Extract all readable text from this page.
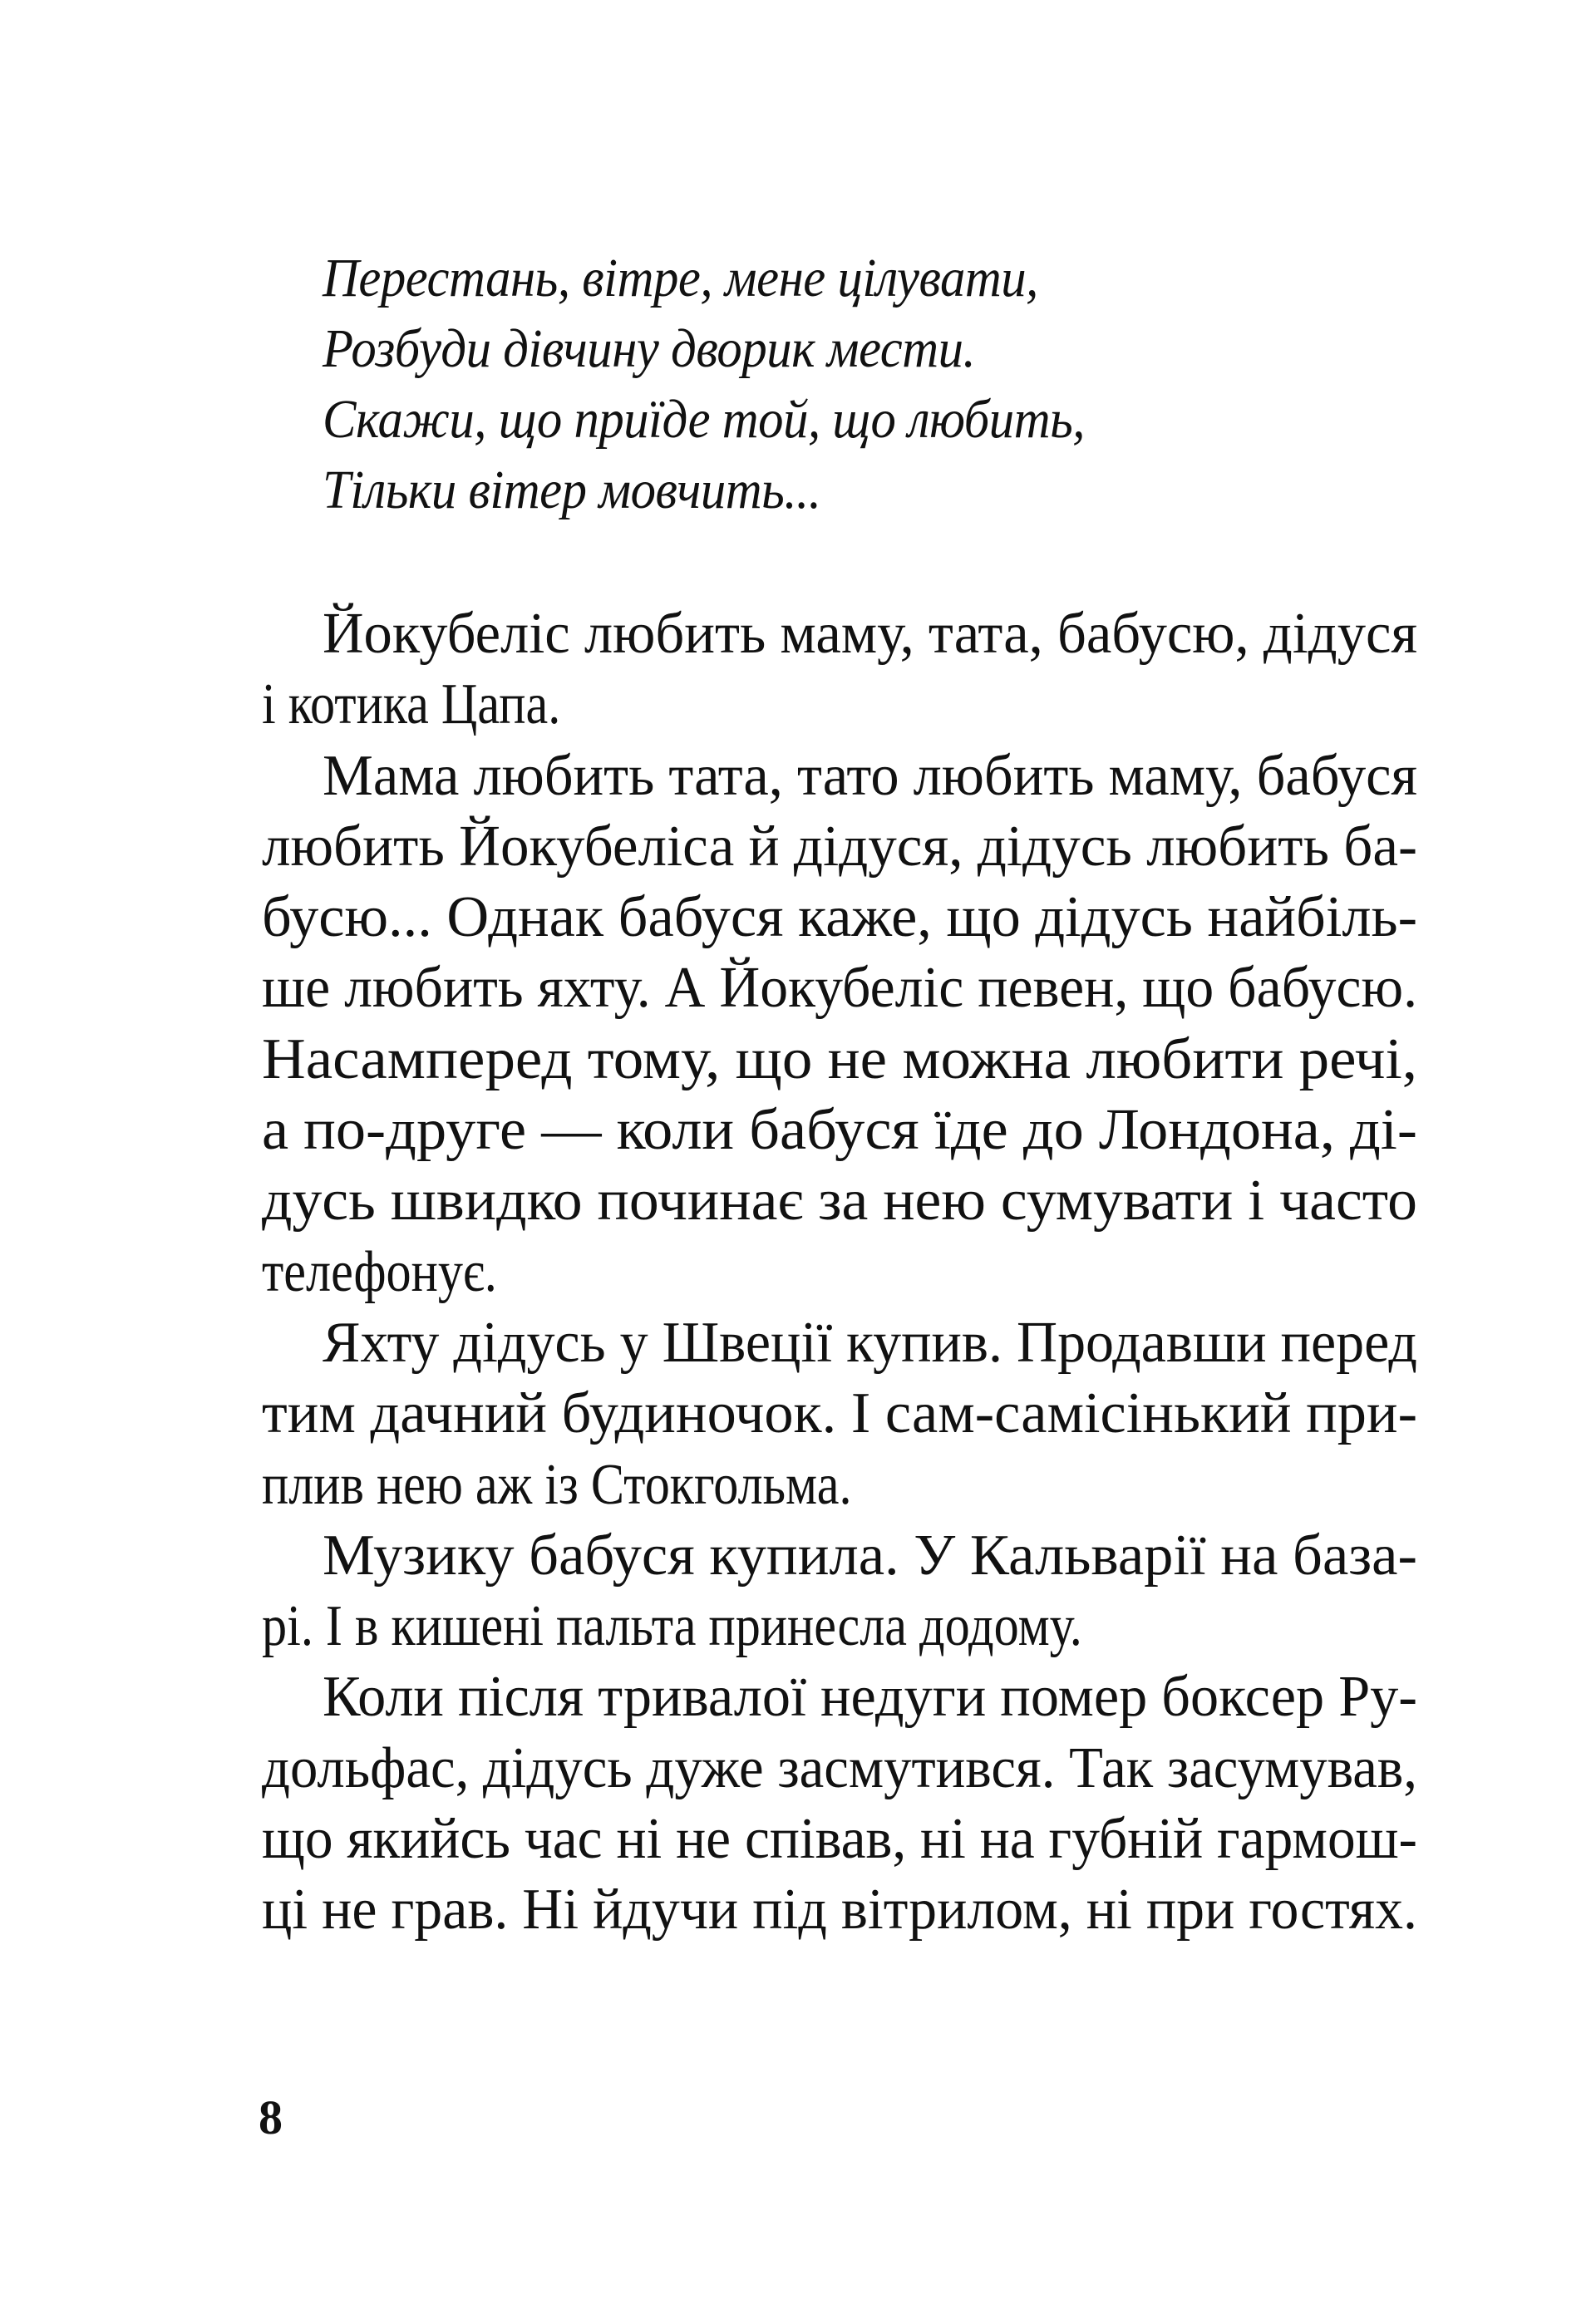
Перестань, вітре, мене цілувати,
Розбуди дівчину дворик мести.
Скажи, що приїде той, що любить,
Тільки вітер мовчить...
Йокубеліс любить маму, тата, бабусю, дідуся
і котика Цапа.
Мама любить тата, тато любить маму, бабуся
любить Йокубеліса й дідуся, дідусь любить ба-
бусю... Однак бабуся каже, що дідусь найбіль-
ше любить яхту. А Йокубеліс певен, що бабусю.
Насамперед тому, що не можна любити речі,
а по-друге — коли бабуся їде до Лондона, ді-
дусь швидко починає за нею сумувати і часто
телефонує.
Яхту дідусь у Швеції купив. Продавши перед
тим дачний будиночок. І сам-самісінький при-
плив нею аж із Стокгольма.
Музику бабуся купила. У Кальварії на база-
рі. І в кишені пальта принесла додому.
Коли після тривалої недуги помер боксер Ру-
дольфас, дідусь дуже засмутився. Так засумував,
що якийсь час ні не співав, ні на губній гармош-
ці не грав. Ні йдучи під вітрилом, ні при гостях.
8
